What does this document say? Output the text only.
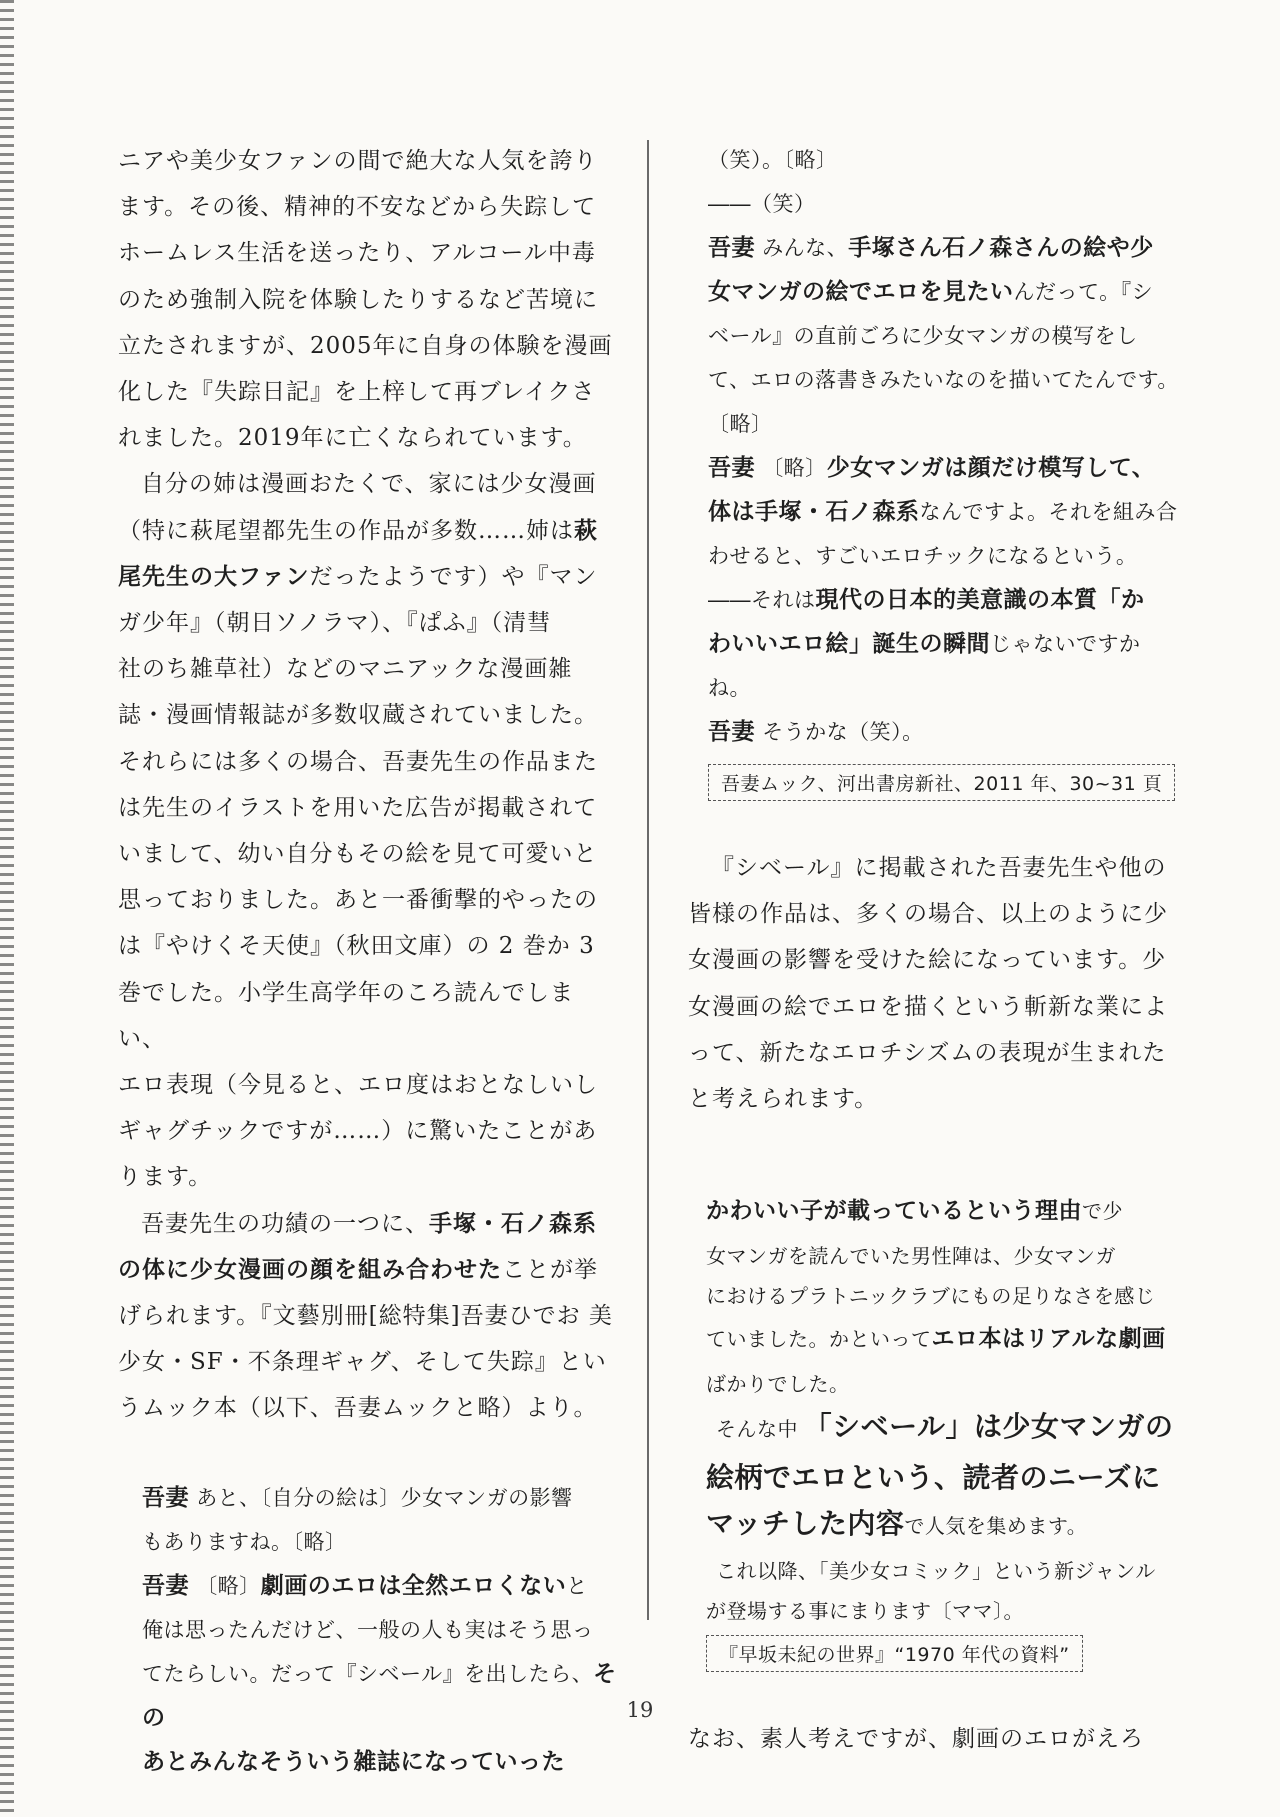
ニアや美少女ファンの間で絶大な人気を誇り
ます。その後、精神的不安などから失踪して
ホームレス生活を送ったり、アルコール中毒
のため強制入院を体験したりするなど苦境に
立たされますが、2005年に自身の体験を漫画
化した『失踪日記』を上梓して再ブレイクさ
れました。2019年に亡くなられています。

自分の姉は漫画おたくで、家には少女漫画
（特に萩尾望都先生の作品が多数……姉は萩
尾先生の大ファンだったようです）や『マン
ガ少年』（朝日ソノラマ）、『ぱふ』（清彗
社のち雑草社）などのマニアックな漫画雑
誌・漫画情報誌が多数収蔵されていました。
それらには多くの場合、吾妻先生の作品また
は先生のイラストを用いた広告が掲載されて
いまして、幼い自分もその絵を見て可愛いと
思っておりました。あと一番衝撃的やったの
は『やけくそ天使』（秋田文庫）の 2 巻か 3
巻でした。小学生高学年のころ読んでしまい、
エロ表現（今見ると、エロ度はおとなしいし
ギャグチックですが……）に驚いたことがあ
ります。

吾妻先生の功績の一つに、手塚・石ノ森系
の体に少女漫画の顔を組み合わせたことが挙
げられます。『文藝別冊[総特集]吾妻ひでお 美
少女・SF・不条理ギャグ、そして失踪』とい
うムック本（以下、吾妻ムックと略）より。

吾妻 あと、〔自分の絵は〕少女マンガの影響

もありますね。〔略〕

吾妻 〔略〕劇画のエロは全然エロくないと

俺は思ったんだけど、一般の人も実はそう思っ

てたらしい。だって『シベール』を出したら、その

あとみんなそういう雑誌になっていった

（笑）。〔略〕

――（笑）

吾妻 みんな、手塚さん石ノ森さんの絵や少

女マンガの絵でエロを見たいんだって。『シ

ベール』の直前ごろに少女マンガの模写をし

て、エロの落書きみたいなのを描いてたんです。

〔略〕

吾妻 〔略〕少女マンガは顔だけ模写して、

体は手塚・石ノ森系なんですよ。それを組み合

わせると、すごいエロチックになるという。

――それは現代の日本的美意識の本質「か

わいいエロ絵」誕生の瞬間じゃないですか

ね。

吾妻 そうかな（笑）。

吾妻ムック、河出書房新社、2011 年、30~31 頁

『シベール』に掲載された吾妻先生や他の
皆様の作品は、多くの場合、以上のように少
女漫画の影響を受けた絵になっています。少
女漫画の絵でエロを描くという斬新な業によ
って、新たなエロチシズムの表現が生まれた
と考えられます。

かわいい子が載っているという理由で少

女マンガを読んでいた男性陣は、少女マンガ

におけるプラトニックラブにもの足りなさを感じ

ていました。かといってエロ本はリアルな劇画

ばかりでした。

そんな中 「シベール」は少女マンガの

絵柄でエロという、読者のニーズに

マッチした内容で人気を集めます。

これ以降、「美少女コミック」という新ジャンル

が登場する事にまります〔ママ〕。

『早坂未紀の世界』“1970 年代の資料”

なお、素人考えですが、劇画のエロがえろ

19
